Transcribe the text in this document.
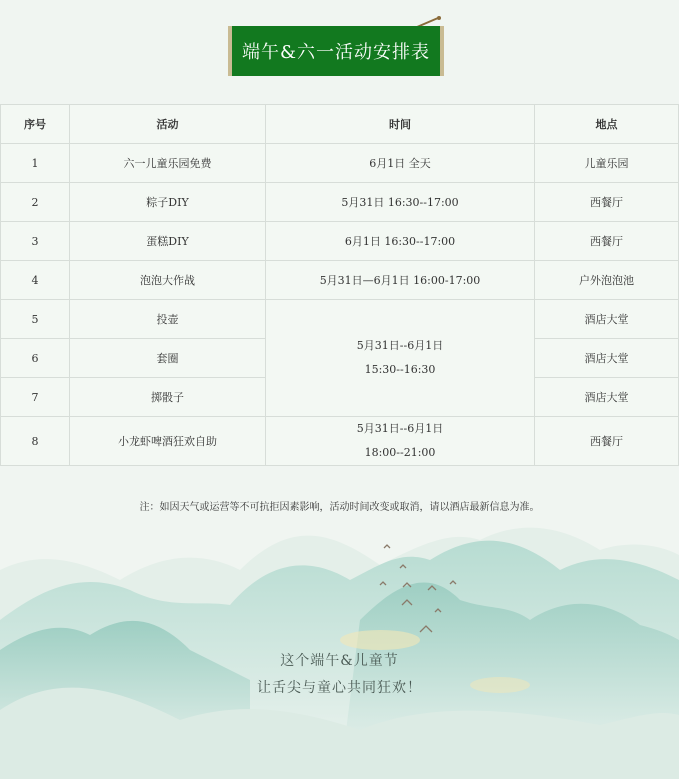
端午&六一活动安排表
序号	活动	时间	地点
1	六一儿童乐园免费	6月1日 全天	儿童乐园
2	粽子DIY	5月31日 16:30--17:00	西餐厅
3	蛋糕DIY	6月1日 16:30--17:00	西餐厅
4	泡泡大作战	5月31日—6月1日 16:00-17:00	户外泡泡池
5	投壶	5月31日--6月1日
15:30--16:30	酒店大堂
6	套圈		酒店大堂
7	掷骰子		酒店大堂
8	小龙虾啤酒狂欢自助	5月31日--6月1日
18:00--21:00	西餐厅
注：如因天气或运营等不可抗拒因素影响，活动时间改变或取消，请以酒店最新信息为准。
这个端午&儿童节
让舌尖与童心共同狂欢！
